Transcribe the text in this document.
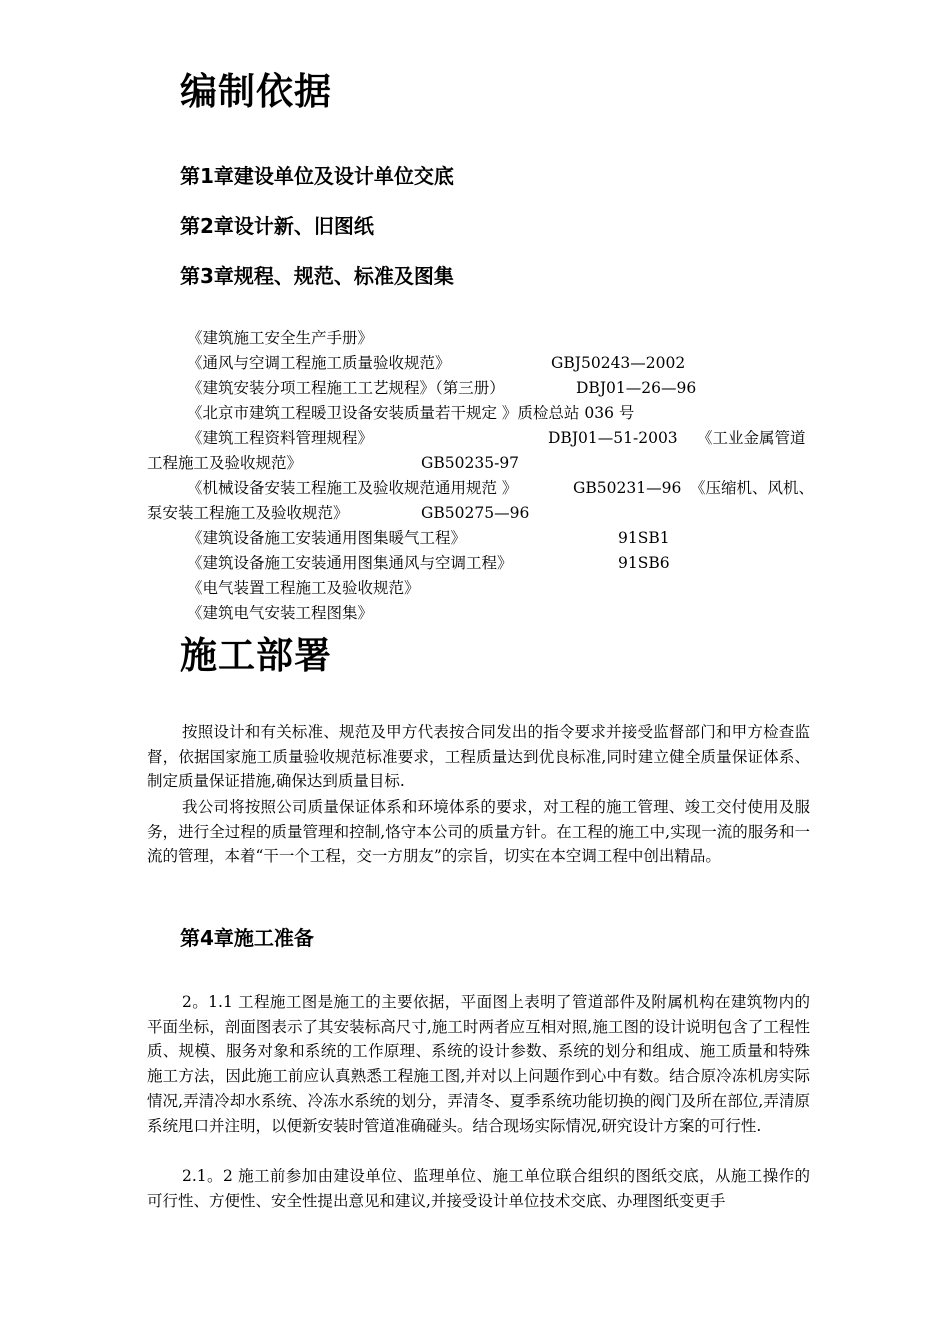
编制依据
第1章建设单位及设计单位交底
第2章设计新、旧图纸
第3章规程、规范、标准及图集
《建筑施工安全生产手册》
《通风与空调工程施工质量验收规范》	GBJ50243—2002
《建筑安装分项工程施工工艺规程》（第三册）	DBJ01—26—96
《北京市建筑工程暖卫设备安装质量若干规定 》质检总站 036 号
《建筑工程资料管理规程》	DBJ01—51-2003 《工业金属管道
工程施工及验收规范》	GB50235-97
《机械设备安装工程施工及验收规范通用规范 》	GB50231—96 《压缩机、风机、
泵安装工程施工及验收规范》	GB50275—96
《建筑设备施工安装通用图集暖气工程》	91SB1
《建筑设备施工安装通用图集通风与空调工程》	91SB6
《电气装置工程施工及验收规范》
《建筑电气安装工程图集》
施工部署
按照设计和有关标准、规范及甲方代表按合同发出的指令要求并接受监督部门和甲方检查监督，依据国家施工质量验收规范标准要求，工程质量达到优良标准,同时建立健全质量保证体系、制定质量保证措施,确保达到质量目标.
我公司将按照公司质量保证体系和环境体系的要求，对工程的施工管理、竣工交付使用及服务，进行全过程的质量管理和控制,恪守本公司的质量方针。在工程的施工中,实现一流的服务和一流的管理，本着“干一个工程，交一方朋友”的宗旨，切实在本空调工程中创出精品。
第4章施工准备
2。1.1 工程施工图是施工的主要依据，平面图上表明了管道部件及附属机构在建筑物内的平面坐标，剖面图表示了其安装标高尺寸,施工时两者应互相对照,施工图的设计说明包含了工程性质、规模、服务对象和系统的工作原理、系统的设计参数、系统的划分和组成、施工质量和特殊施工方法，因此施工前应认真熟悉工程施工图,并对以上问题作到心中有数。结合原冷冻机房实际情况,弄清冷却水系统、冷冻水系统的划分，弄清冬、夏季系统功能切换的阀门及所在部位,弄清原系统甩口并注明，以便新安装时管道准确碰头。结合现场实际情况,研究设计方案的可行性.
2.1。2 施工前参加由建设单位、监理单位、施工单位联合组织的图纸交底，从施工操作的可行性、方便性、安全性提出意见和建议,并接受设计单位技术交底、办理图纸变更手
